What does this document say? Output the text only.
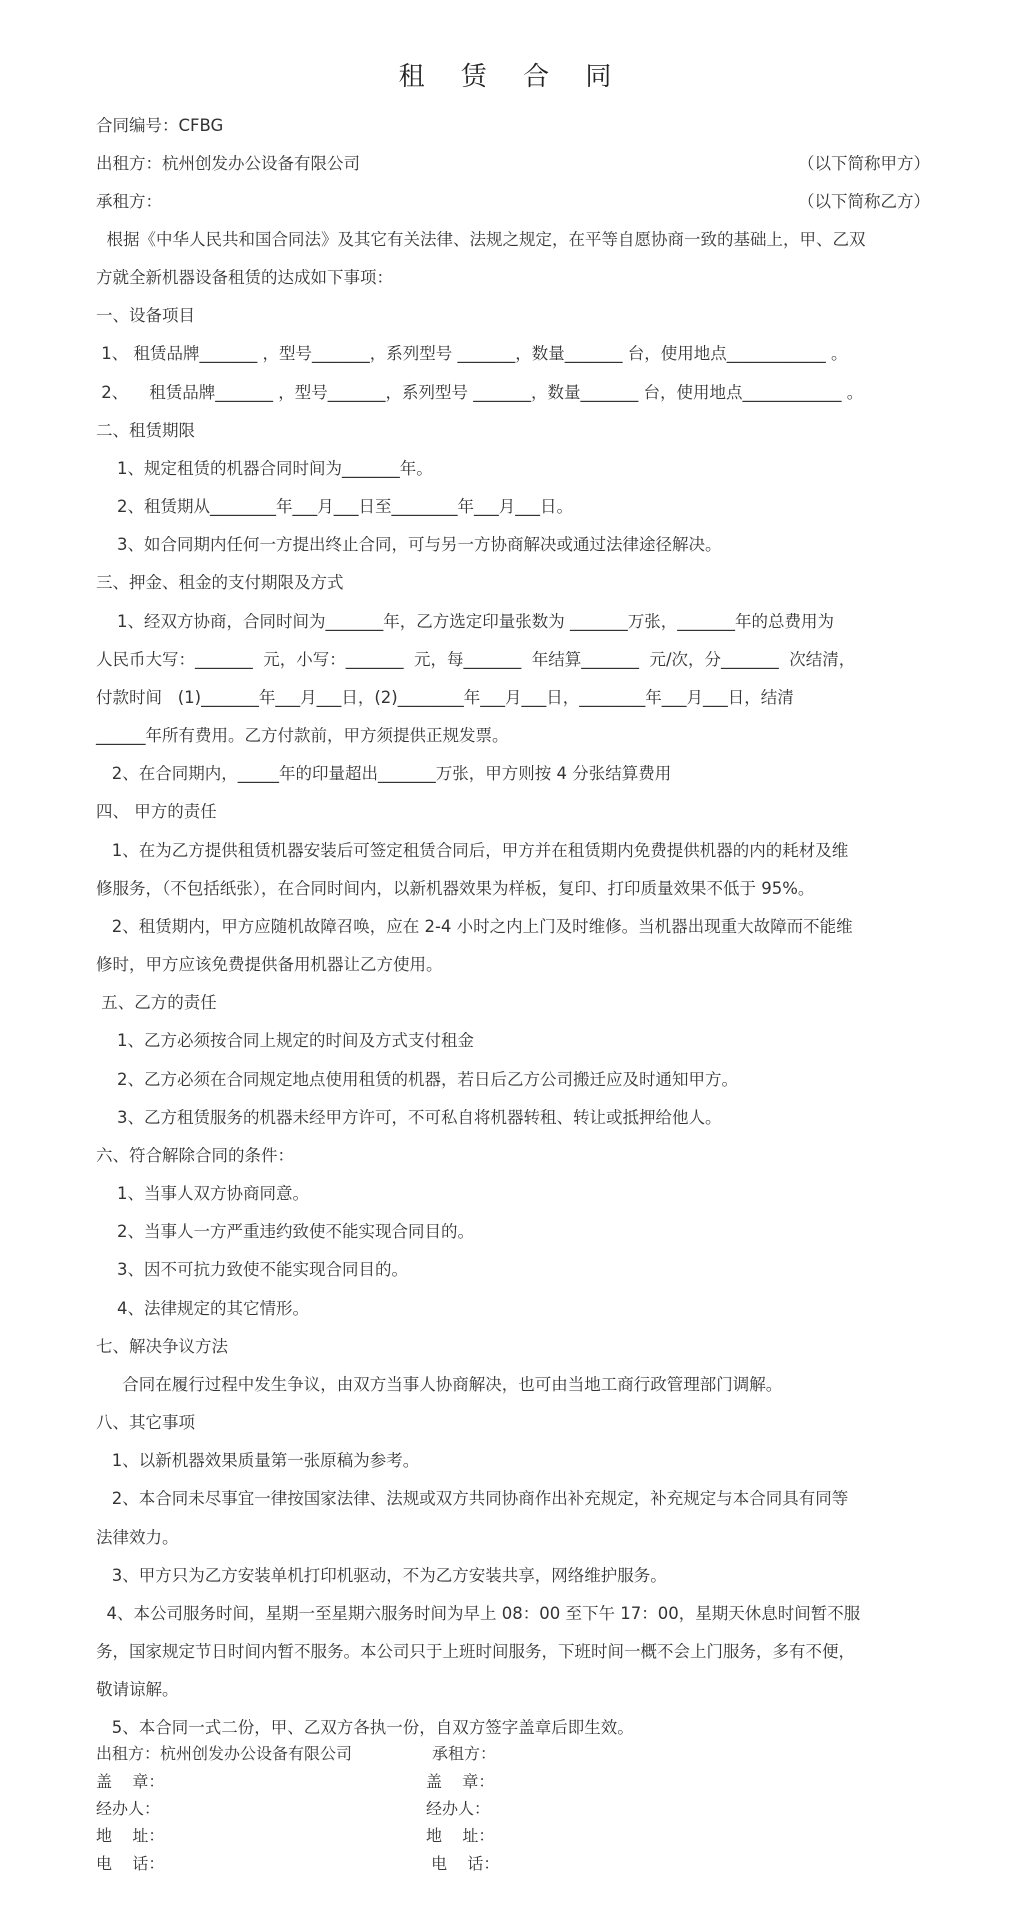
租 赁 合 同
合同编号：CFBG
出租方：杭州创发办公设备有限公司	（以下简称甲方）
承租方：	（以下简称乙方）
根据《中华人民共和国合同法》及其它有关法律、法规之规定，在平等自愿协商一致的基础上，甲、乙双
方就全新机器设备租赁的达成如下事项：
一、设备项目
1、 租赁品牌_______ ，型号_______，系列型号 _______，数量_______ 台，使用地点____________ 。
2、    租赁品牌_______ ，型号_______，系列型号 _______，数量_______ 台，使用地点____________ 。
二、租赁期限
1、规定租赁的机器合同时间为_______年。
2、租赁期从________年___月___日至________年___月___日。
3、如合同期内任何一方提出终止合同，可与另一方协商解决或通过法律途径解决。
三、押金、租金的支付期限及方式
1、经双方协商，合同时间为_______年，乙方选定印量张数为 _______万张，_______年的总费用为
人民币大写：_______  元，小写：_______  元，每_______  年结算_______  元/次，分_______  次结清，
付款时间   (1)_______年___月___日，(2)________年___月___日，________年___月___日，结清
______年所有费用。乙方付款前，甲方须提供正规发票。
2、在合同期内，_____年的印量超出_______万张，甲方则按 4 分张结算费用
四、 甲方的责任
1、在为乙方提供租赁机器安装后可签定租赁合同后，甲方并在租赁期内免费提供机器的内的耗材及维
修服务，（不包括纸张），在合同时间内，以新机器效果为样板，复印、打印质量效果不低于 95%。
2、租赁期内，甲方应随机故障召唤，应在 2-4 小时之内上门及时维修。当机器出现重大故障而不能维
修时，甲方应该免费提供备用机器让乙方使用。
五、乙方的责任
1、乙方必须按合同上规定的时间及方式支付租金
2、乙方必须在合同规定地点使用租赁的机器，若日后乙方公司搬迁应及时通知甲方。
3、乙方租赁服务的机器未经甲方许可，不可私自将机器转租、转让或抵押给他人。
六、符合解除合同的条件：
1、当事人双方协商同意。
2、当事人一方严重违约致使不能实现合同目的。
3、因不可抗力致使不能实现合同目的。
4、法律规定的其它情形。
七、解决争议方法
合同在履行过程中发生争议，由双方当事人协商解决，也可由当地工商行政管理部门调解。
八、其它事项
1、以新机器效果质量第一张原稿为参考。
2、本合同未尽事宜一律按国家法律、法规或双方共同协商作出补充规定，补充规定与本合同具有同等
法律效力。
3、甲方只为乙方安装单机打印机驱动，不为乙方安装共享，网络维护服务。
4、本公司服务时间，星期一至星期六服务时间为早上 08：00 至下午 17：00，星期天休息时间暂不服
务，国家规定节日时间内暂不服务。本公司只于上班时间服务，下班时间一概不会上门服务，多有不便，
敬请谅解。
5、本合同一式二份，甲、乙双方各执一份，自双方签字盖章后即生效。
出租方：杭州创发办公设备有限公司
盖    章：
经办人：
地    址：
电    话：
承租方：
盖    章：
经办人：
地    址：
电    话：
